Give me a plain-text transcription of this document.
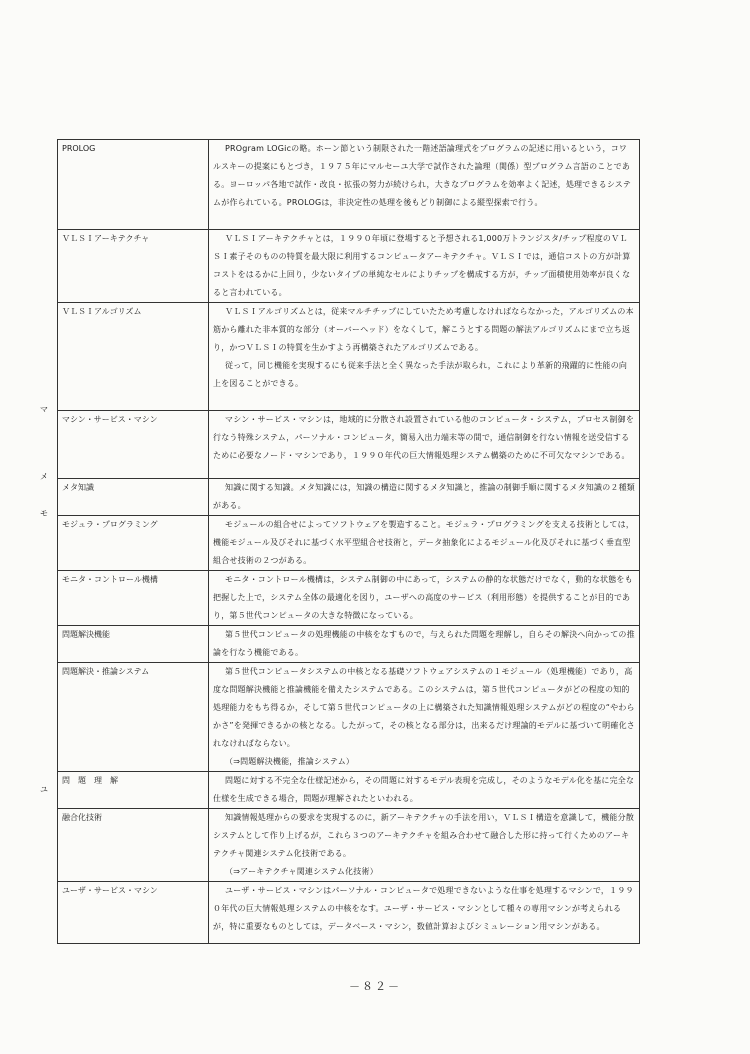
マ
メ
モ
ユ
PROLOG	PROgram LOGicの略。ホーン節という制限された一階述語論理式をプログラムの記述に用いるという，コワルスキーの提案にもとづき，１９７５年にマルセーユ大学で試作された論理（関係）型プログラム言語のことである。ヨーロッパ各地で試作・改良・拡張の努力が続けられ，大きなプログラムを効率よく記述，処理できるシステムが作られている。PROLOGは，非決定性の処理を後もどり制御による縦型探索で行う。
ＶＬＳＩアーキテクチャ	ＶＬＳＩアーキテクチャとは，１９９０年頃に登場すると予想される1,000万トランジスタ/チップ程度のＶＬＳＩ素子そのものの特質を最大限に利用するコンピュータアーキテクチャ。ＶＬＳＩでは，通信コストの方が計算コストをはるかに上回り，少ないタイプの単純なセルによりチップを構成する方が，チップ面積使用効率が良くなると言われている。
ＶＬＳＩアルゴリズム	ＶＬＳＩアルゴリズムとは，従来マルチチップにしていたため考慮しなければならなかった，アルゴリズムの本筋から離れた非本質的な部分（オーバーヘッド）をなくして，解こうとする問題の解法アルゴリズムにまで立ち返り，かつＶＬＳＩの特質を生かすよう再構築されたアルゴリズムである。
従って，同じ機能を実現するにも従来手法と全く異なった手法が取られ，これにより革新的飛躍的に性能の向上を図ることができる。

マシン・サービス・マシン	マシン・サービス・マシンは，地域的に分散され設置されている他のコンピュータ・システム，プロセス制御を行なう特殊システム，パーソナル・コンピュータ，簡易入出力端末等の間で，通信制御を行ない情報を送受信するために必要なノード・マシンであり，１９９０年代の巨大情報処理システム構築のために不可欠なマシンである。
メタ知識	知識に関する知識。メタ知識には，知識の構造に関するメタ知識と，推論の制御手順に関するメタ知識の２種類がある。
モジュラ・プログラミング	モジュールの組合せによってソフトウェアを製造すること。モジュラ・プログラミングを支える技術としては，機能モジュール及びそれに基づく水平型組合せ技術と，データ抽象化によるモジュール化及びそれに基づく垂直型組合せ技術の２つがある。
モニタ・コントロール機構	モニタ・コントロール機構は，システム制御の中にあって，システムの静的な状態だけでなく，動的な状態をも把握した上で，システム全体の最適化を図り，ユーザへの高度のサービス（利用形態）を提供することが目的であり，第５世代コンピュータの大きな特徴になっている。
問題解決機能	第５世代コンピュータの処理機能の中核をなすもので，与えられた問題を理解し，自らその解決へ向かっての推論を行なう機能である。
問題解決・推論システム	第５世代コンピュータシステムの中核となる基礎ソフトウェアシステムの１モジュール（処理機能）であり，高度な問題解決機能と推論機能を備えたシステムである。このシステムは，第５世代コンピュータがどの程度の知的処理能力をもち得るか，そして第５世代コンピュータの上に構築された知識情報処理システムがどの程度の“やわらかさ”を発揮できるかの核となる。したがって，その核となる部分は，出来るだけ理論的モデルに基づいて明確化されなければならない。
（⇒問題解決機能，推論システム）

問　題　理　解	問題に対する不完全な仕様記述から，その問題に対するモデル表現を完成し，そのようなモデル化を基に完全な仕様を生成できる場合，問題が理解されたといわれる。
融合化技術	知識情報処理からの要求を実現するのに，新アーキテクチャの手法を用い，ＶＬＳＩ構造を意識して，機能分散システムとして作り上げるが，これら３つのアーキテクチャを組み合わせて融合した形に持って行くためのアーキテクチャ関連システム化技術である。
（⇒アーキテクチャ関連システム化技術）

ユーザ・サービス・マシン	ユーザ・サービス・マシンはパーソナル・コンピュータで処理できないような仕事を処理するマシンで，１９９０年代の巨大情報処理システムの中核をなす。ユーザ・サービス・マシンとして種々の専用マシンが考えられるが，特に重要なものとしては，データベース・マシン，数値計算およびシミュレーション用マシンがある。
－８２－
